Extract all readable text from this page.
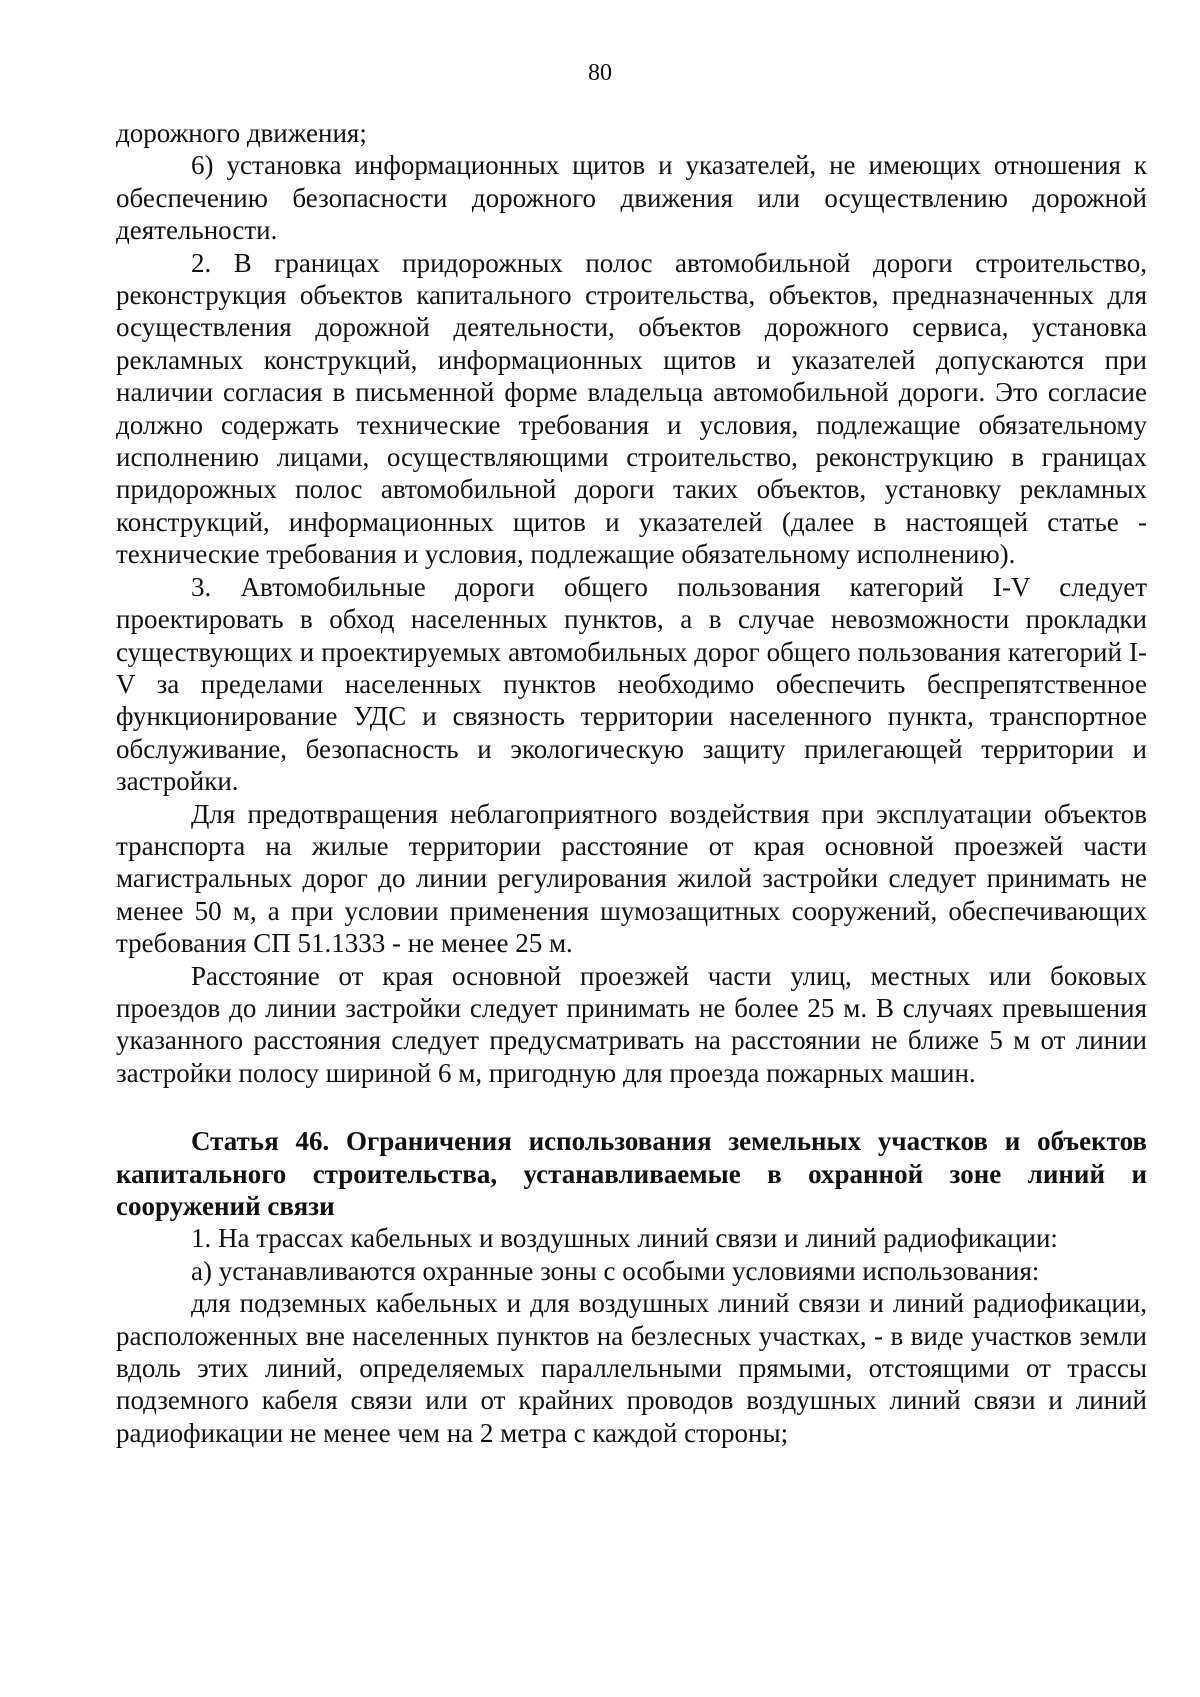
80

дорожного движения;

6) установка информационных щитов и указателей, не имеющих отношения к обеспечению безопасности дорожного движения или осуществлению дорожной деятельности.

2. В границах придорожных полос автомобильной дороги строительство, реконструкция объектов капитального строительства, объектов, предназначенных для осуществления дорожной деятельности, объектов дорожного сервиса, установка рекламных конструкций, информационных щитов и указателей допускаются при наличии согласия в письменной форме владельца автомобильной дороги. Это согласие должно содержать технические требования и условия, подлежащие обязательному исполнению лицами, осуществляющими строительство, реконструкцию в границах придорожных полос автомобильной дороги таких объектов, установку рекламных конструкций, информационных щитов и указателей (далее в настоящей статье - технические требования и условия, подлежащие обязательному исполнению).

3. Автомобильные дороги общего пользования категорий I-V следует проектировать в обход населенных пунктов, а в случае невозможности прокладки существующих и проектируемых автомобильных дорог общего пользования категорий I-V за пределами населенных пунктов необходимо обеспечить беспрепятственное функционирование УДС и связность территории населенного пункта, транспортное обслуживание, безопасность и экологическую защиту прилегающей территории и застройки.

Для предотвращения неблагоприятного воздействия при эксплуатации объектов транспорта на жилые территории расстояние от края основной проезжей части магистральных дорог до линии регулирования жилой застройки следует принимать не менее 50 м, а при условии применения шумозащитных сооружений, обеспечивающих требования СП 51.1333 - не менее 25 м.

Расстояние от края основной проезжей части улиц, местных или боковых проездов до линии застройки следует принимать не более 25 м. В случаях превышения указанного расстояния следует предусматривать на расстоянии не ближе 5 м от линии застройки полосу шириной 6 м, пригодную для проезда пожарных машин.

Статья 46. Ограничения использования земельных участков и объектов капитального строительства, устанавливаемые в охранной зоне линий и сооружений связи

1. На трассах кабельных и воздушных линий связи и линий радиофикации:

а) устанавливаются охранные зоны с особыми условиями использования:

для подземных кабельных и для воздушных линий связи и линий радиофикации, расположенных вне населенных пунктов на безлесных участках, - в виде участков земли вдоль этих линий, определяемых параллельными прямыми, отстоящими от трассы подземного кабеля связи или от крайних проводов воздушных линий связи и линий радиофикации не менее чем на 2 метра с каждой стороны;
